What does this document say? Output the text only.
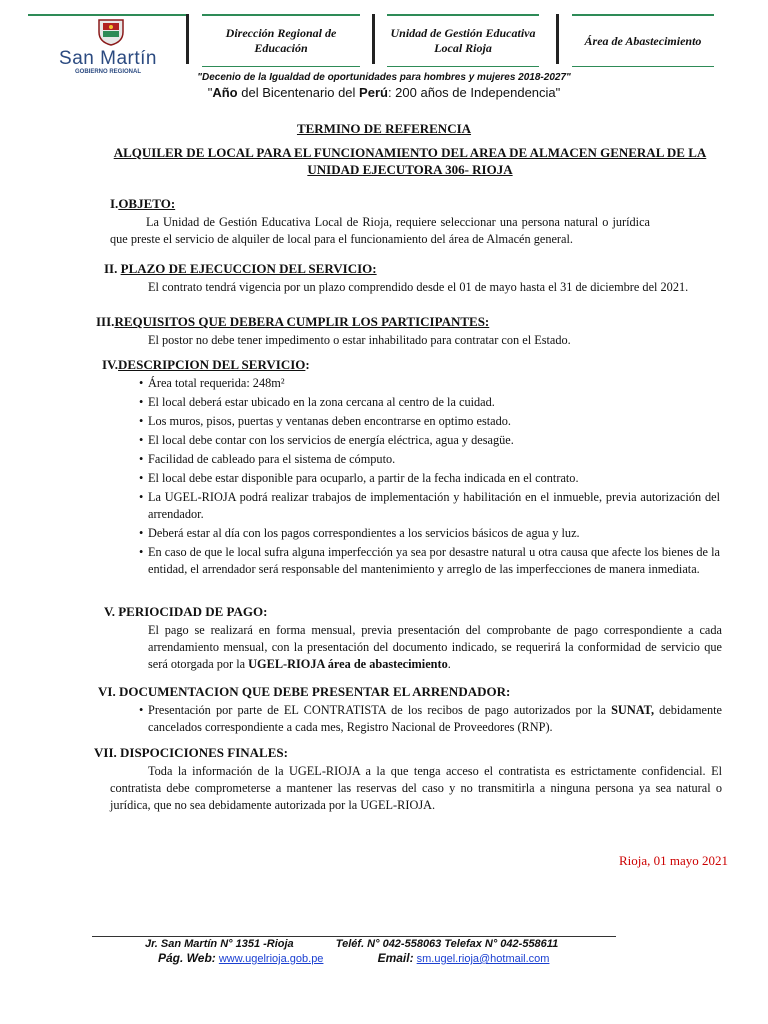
San Martín
GOBIERNO REGIONAL
Dirección Regional de Educación
Unidad de Gestión Educativa Local Rioja
Área de Abastecimiento
"Decenio de la Igualdad de oportunidades para hombres y mujeres 2018-2027"
"Año del Bicentenario del Perú: 200 años de Independencia"
TERMINO DE REFERENCIA
ALQUILER DE LOCAL PARA EL FUNCIONAMIENTO DEL AREA DE ALMACEN GENERAL DE LA UNIDAD EJECUTORA 306- RIOJA
I.OBJETO:
La Unidad de Gestión Educativa Local de Rioja, requiere seleccionar una persona natural o jurídica que preste el servicio de alquiler de local para el funcionamiento del área de Almacén general.
II. PLAZO DE EJECUCCION DEL SERVICIO:
El contrato tendrá vigencia por un plazo comprendido desde el 01 de mayo hasta el 31 de diciembre del 2021.
III.REQUISITOS QUE DEBERA CUMPLIR LOS PARTICIPANTES:
El postor no debe tener impedimento o estar inhabilitado para contratar con el Estado.
IV.DESCRIPCION DEL SERVICIO:
• Área total requerida: 248m²
• El local deberá estar ubicado en la zona cercana al centro de la cuidad.
• Los muros, pisos, puertas y ventanas deben encontrarse en optimo estado.
• El local debe contar con los servicios de energía eléctrica, agua y desagüe.
• Facilidad de cableado para el sistema de cómputo.
• El local debe estar disponible para ocuparlo, a partir de la fecha indicada en el contrato.
• La UGEL-RIOJA podrá realizar trabajos de implementación y habilitación en el inmueble, previa autorización del arrendador.
• Deberá estar al día con los pagos correspondientes a los servicios básicos de agua y luz.
• En caso de que le local sufra alguna imperfección ya sea por desastre natural u otra causa que afecte los bienes de la entidad, el arrendador será responsable del mantenimiento y arreglo de las imperfecciones de manera inmediata.
V. PERIOCIDAD DE PAGO:
El pago se realizará en forma mensual, previa presentación del comprobante de pago correspondiente a cada arrendamiento mensual, con la presentación del documento indicado, se requerirá la conformidad de servicio que será otorgada por la UGEL-RIOJA área de abastecimiento.
VI. DOCUMENTACION QUE DEBE PRESENTAR EL ARRENDADOR:
• Presentación por parte de EL CONTRATISTA de los recibos de pago autorizados por la SUNAT, debidamente cancelados correspondiente a cada mes, Registro Nacional de Proveedores (RNP).
VII. DISPOCICIONES FINALES:
Toda la información de la UGEL-RIOJA a la que tenga acceso el contratista es estrictamente confidencial. El contratista debe comprometerse a mantener las reservas del caso y no transmitirla a ninguna persona ya sea natural o jurídica, que no sea debidamente autorizada por la UGEL-RIOJA.
Rioja, 01 mayo 2021
Jr. San Martín N° 1351 -Rioja	Teléf. N° 042-558063 Telefax N° 042-558611
Pág. Web: www.ugelrioja.gob.pe	Email: sm.ugel.rioja@hotmail.com
